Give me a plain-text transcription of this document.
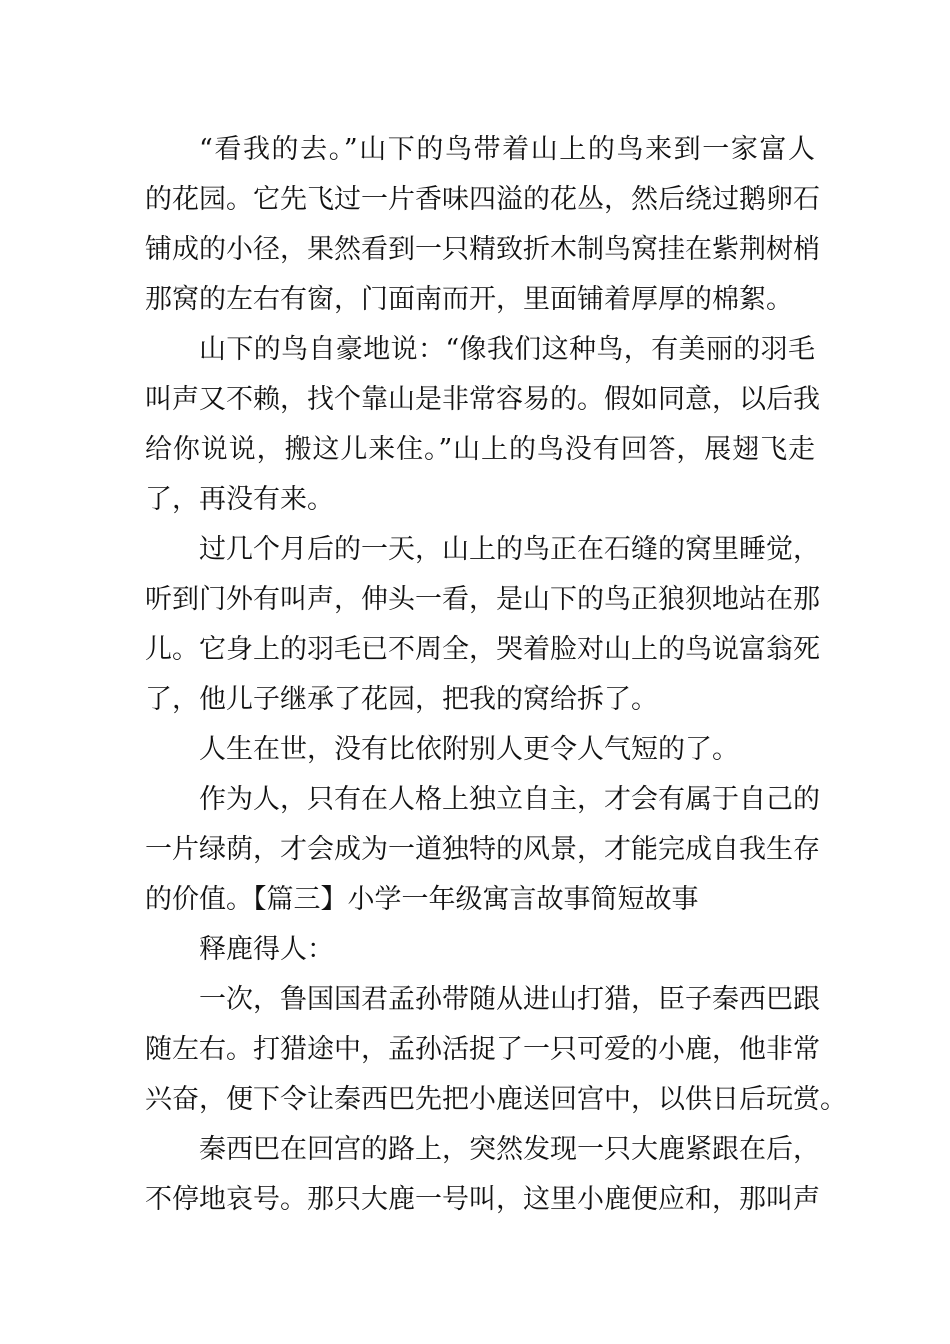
“看我的去。”山下的鸟带着山上的鸟来到一家富人
的花园。它先飞过一片香味四溢的花丛，然后绕过鹅卵石
铺成的小径，果然看到一只精致折木制鸟窝挂在紫荆树梢
那窝的左右有窗，门面南而开，里面铺着厚厚的棉絮。
山下的鸟自豪地说：“像我们这种鸟，有美丽的羽毛
叫声又不赖，找个靠山是非常容易的。假如同意，以后我
给你说说，搬这儿来住。”山上的鸟没有回答，展翅飞走
了，再没有来。
过几个月后的一天，山上的鸟正在石缝的窝里睡觉，
听到门外有叫声，伸头一看，是山下的鸟正狼狈地站在那
儿。它身上的羽毛已不周全，哭着脸对山上的鸟说富翁死
了，他儿子继承了花园，把我的窝给拆了。
人生在世，没有比依附别人更令人气短的了。
作为人，只有在人格上独立自主，才会有属于自己的
一片绿荫，才会成为一道独特的风景，才能完成自我生存
的价值。【篇三】小学一年级寓言故事简短故事
释鹿得人：
一次，鲁国国君孟孙带随从进山打猎，臣子秦西巴跟
随左右。打猎途中，孟孙活捉了一只可爱的小鹿，他非常
兴奋，便下令让秦西巴先把小鹿送回宫中，以供日后玩赏。
秦西巴在回宫的路上，突然发现一只大鹿紧跟在后，
不停地哀号。那只大鹿一号叫，这里小鹿便应和，那叫声
